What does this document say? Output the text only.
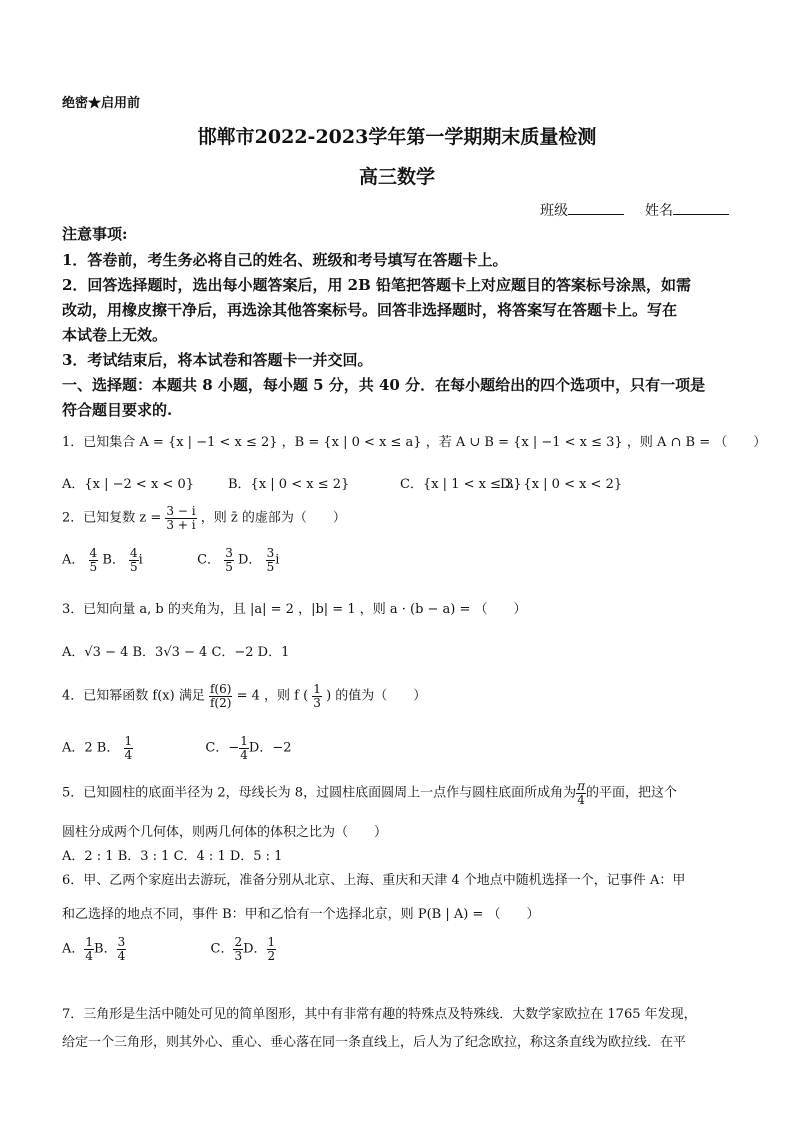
绝密★启用前
邯郸市2022-2023学年第一学期期末质量检测
高三数学
班级	姓名
注意事项:
1．答卷前，考生务必将自己的姓名、班级和考号填写在答题卡上。
2．回答选择题时，选出每小题答案后，用 2B 铅笔把答题卡上对应题目的答案标号涂黑，如需
改动，用橡皮擦干净后，再选涂其他答案标号。回答非选择题时，将答案写在答题卡上。写在
本试卷上无效。
3．考试结束后，将本试卷和答题卡一并交回。
一、选择题：本题共 8 小题，每小题 5 分，共 40 分．在每小题给出的四个选项中，只有一项是
符合题目要求的.
1．已知集合 A = {x | −1 < x ≤ 2} ，B = {x | 0 < x ≤ a} ，若 A ∪ B = {x | −1 < x ≤ 3} ，则 A ∩ B = （　　）
A．{x | −2 < x < 0}	B．{x | 0 < x ≤ 2}	C．{x | 1 < x ≤ 3}
D．{x | 0 < x < 2}
2．已知复数 $z = \frac{3 - i}{3 + i}$ ，则 z̄ 的虚部为（　　）
A． $\frac{4}{5}$ B． $\frac{4}{5}$ i	C． $\frac{3}{5}$ D． $\frac{3}{5}$ i
3．已知向量 a, b 的夹角为，且 |a| = 2 ，|b| = 1 ，则 a · (b − a) = （　　）
A．√3 − 4 B．3√3 − 4 C．−2 D．1
4．已知幂函数 f(x) 满足 $\frac{f(6)}{f(2)} = 4$ ，则 f ( $\frac{1}{3}$ ) 的值为（　　）
A．2 B． $\frac{1}{4}$	C．− $\frac{1}{4}$ D．−2
5．已知圆柱的底面半径为 2，母线长为 8，过圆柱底面圆周上一点作与圆柱底面所成角为 $\frac{\pi}{4}$ 的平面，把这个
圆柱分成两个几何体，则两几何体的体积之比为（　　）
A．2 : 1 B．3 : 1 C．4 : 1 D．5 : 1
6．甲、乙两个家庭出去游玩，准备分别从北京、上海、重庆和天津 4 个地点中随机选择一个，记事件 A：甲
和乙选择的地点不同，事件 B：甲和乙恰有一个选择北京，则 P(B | A) = （　　）
A． $\frac{1}{4}$ B． $\frac{3}{4}$	C． $\frac{2}{3}$ D． $\frac{1}{2}$
7．三角形是生活中随处可见的简单图形，其中有非常有趣的特殊点及特殊线．大数学家欧拉在 1765 年发现，
给定一个三角形，则其外心、重心、垂心落在同一条直线上，后人为了纪念欧拉，称这条直线为欧拉线．在平
